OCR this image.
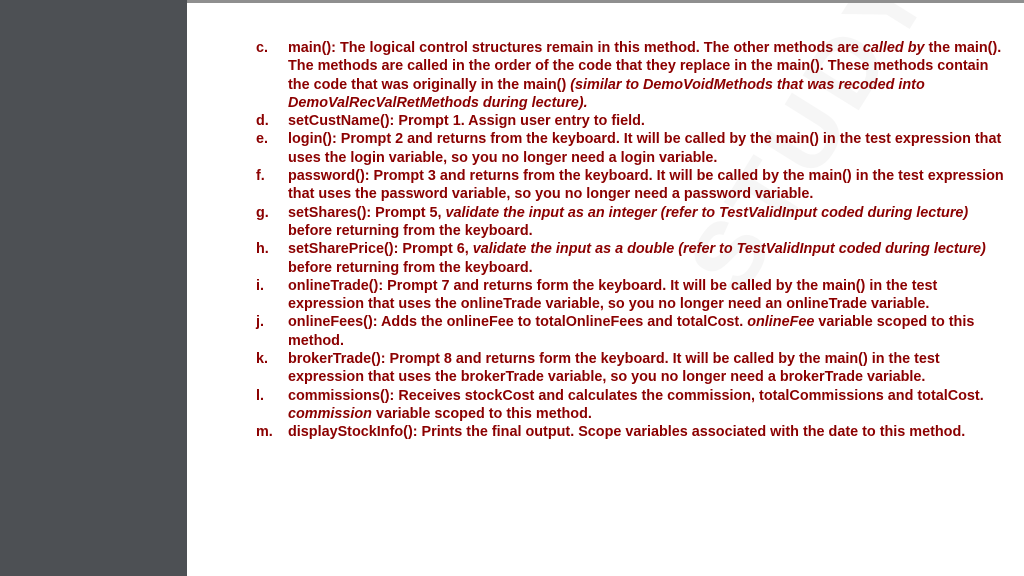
c.	main(): The logical control structures remain in this method. The other methods are called by the main(). The methods are called in the order of the code that they replace in the main(). These methods contain the code that was originally in the main() (similar to DemoVoidMethods that was recoded into DemoValRecValRetMethods during lecture).
d.	setCustName(): Prompt 1. Assign user entry to field.
e.	login(): Prompt 2 and returns from the keyboard. It will be called by the main() in the test expression that uses the login variable, so you no longer need a login variable.
f.	password(): Prompt 3 and returns from the keyboard. It will be called by the main() in the test expression that uses the password variable, so you no longer need a password variable.
g.	setShares(): Prompt 5, validate the input as an integer (refer to TestValidInput coded during lecture) before returning from the keyboard.
h.	setSharePrice(): Prompt 6, validate the input as a double (refer to TestValidInput coded during lecture) before returning from the keyboard.
i.	onlineTrade(): Prompt 7 and returns form the keyboard. It will be called by the main() in the test expression that uses the onlineTrade variable, so you no longer need an onlineTrade variable.
j.	onlineFees(): Adds the onlineFee to totalOnlineFees and totalCost. onlineFee variable scoped to this method.
k.	brokerTrade(): Prompt 8 and returns form the keyboard. It will be called by the main() in the test expression that uses the brokerTrade variable, so you no longer need a brokerTrade variable.
l.	commissions(): Receives stockCost and calculates the commission, totalCommissions and totalCost. commission variable scoped to this method.
m.	displayStockInfo(): Prints the final output. Scope variables associated with the date to this method.
